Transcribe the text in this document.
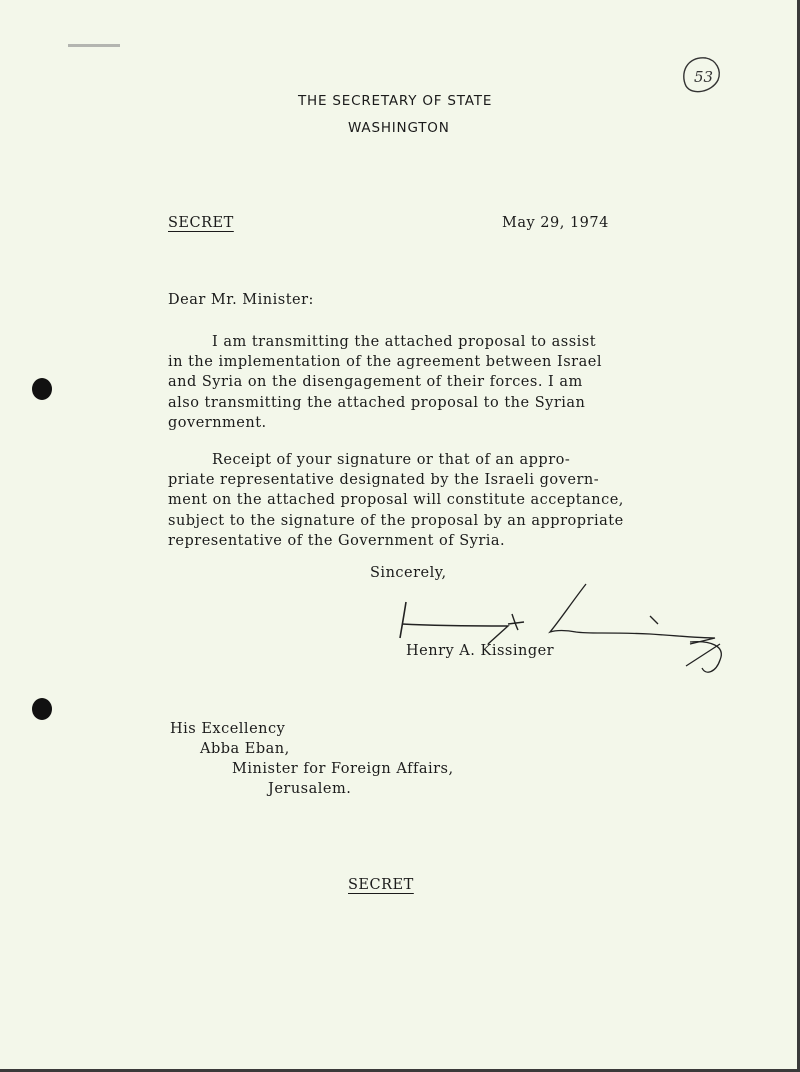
53
THE SECRETARY OF STATE
WASHINGTON
SECRET	May 29, 1974
Dear Mr. Minister:
I am transmitting the attached proposal to assist
in the implementation of the agreement between Israel
and Syria on the disengagement of their forces. I am
also transmitting the attached proposal to the Syrian
government.
Receipt of your signature or that of an appro-
priate representative designated by the Israeli govern-
ment on the attached proposal will constitute acceptance,
subject to the signature of the proposal by an appropriate
representative of the Government of Syria.
Sincerely,
Henry A. Kissinger
His Excellency
Abba Eban,
Minister for Foreign Affairs,
Jerusalem.
SECRET
